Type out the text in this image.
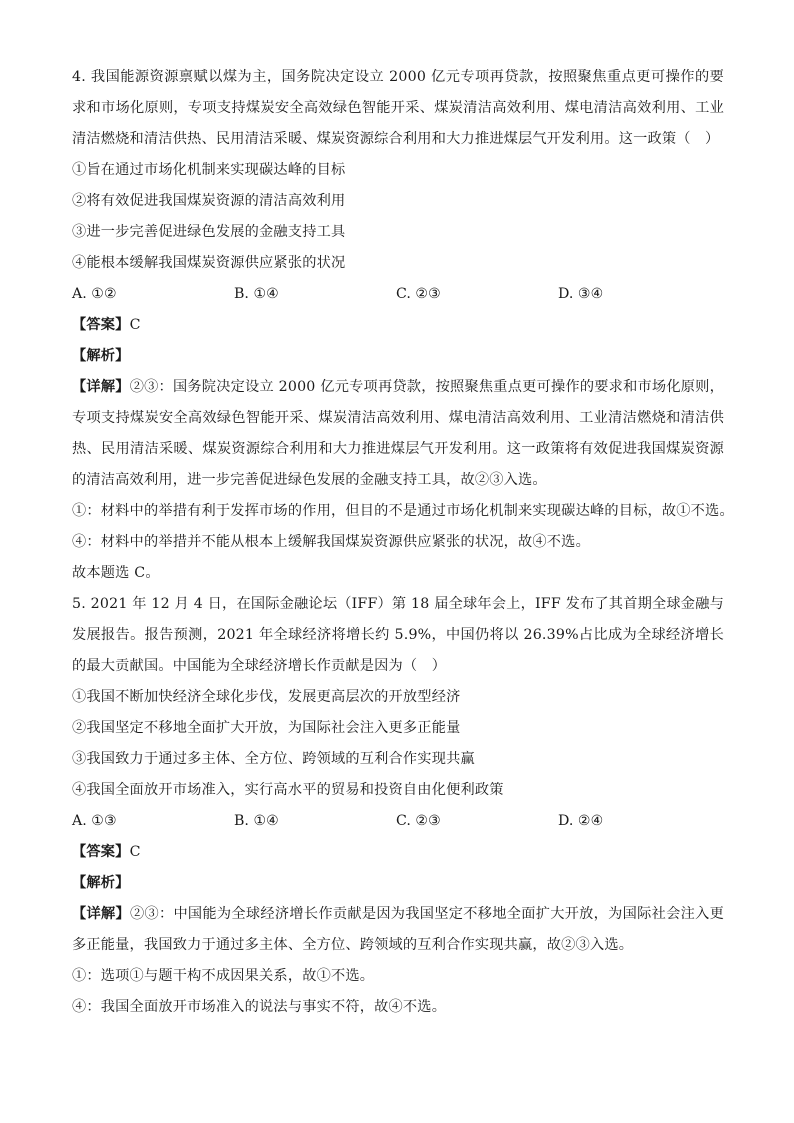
4. 我国能源资源禀赋以煤为主，国务院决定设立 2000 亿元专项再贷款，按照聚焦重点更可操作的要求和市场化原则，专项支持煤炭安全高效绿色智能开采、煤炭清洁高效利用、煤电清洁高效利用、工业清洁燃烧和清洁供热、民用清洁采暖、煤炭资源综合利用和大力推进煤层气开发利用。这一政策（　）
①旨在通过市场化机制来实现碳达峰的目标
②将有效促进我国煤炭资源的清洁高效利用
③进一步完善促进绿色发展的金融支持工具
④能根本缓解我国煤炭资源供应紧张的状况
A. ①②	B. ①④	C. ②③	D. ③④
【答案】C
【解析】
【详解】②③：国务院决定设立 2000 亿元专项再贷款，按照聚焦重点更可操作的要求和市场化原则，专项支持煤炭安全高效绿色智能开采、煤炭清洁高效利用、煤电清洁高效利用、工业清洁燃烧和清洁供热、民用清洁采暖、煤炭资源综合利用和大力推进煤层气开发利用。这一政策将有效促进我国煤炭资源的清洁高效利用，进一步完善促进绿色发展的金融支持工具，故②③入选。
①：材料中的举措有利于发挥市场的作用，但目的不是通过市场化机制来实现碳达峰的目标，故①不选。
④：材料中的举措并不能从根本上缓解我国煤炭资源供应紧张的状况，故④不选。
故本题选 C。
5. 2021 年 12 月 4 日，在国际金融论坛（IFF）第 18 届全球年会上，IFF 发布了其首期全球金融与发展报告。报告预测，2021 年全球经济将增长约 5.9%，中国仍将以 26.39%占比成为全球经济增长的最大贡献国。中国能为全球经济增长作贡献是因为（　）
①我国不断加快经济全球化步伐，发展更高层次的开放型经济
②我国坚定不移地全面扩大开放，为国际社会注入更多正能量
③我国致力于通过多主体、全方位、跨领域的互利合作实现共赢
④我国全面放开市场准入，实行高水平的贸易和投资自由化便利政策
A. ①③	B. ①④	C. ②③	D. ②④
【答案】C
【解析】
【详解】②③：中国能为全球经济增长作贡献是因为我国坚定不移地全面扩大开放，为国际社会注入更多正能量，我国致力于通过多主体、全方位、跨领域的互利合作实现共赢，故②③入选。
①：选项①与题干构不成因果关系，故①不选。
④：我国全面放开市场准入的说法与事实不符，故④不选。
